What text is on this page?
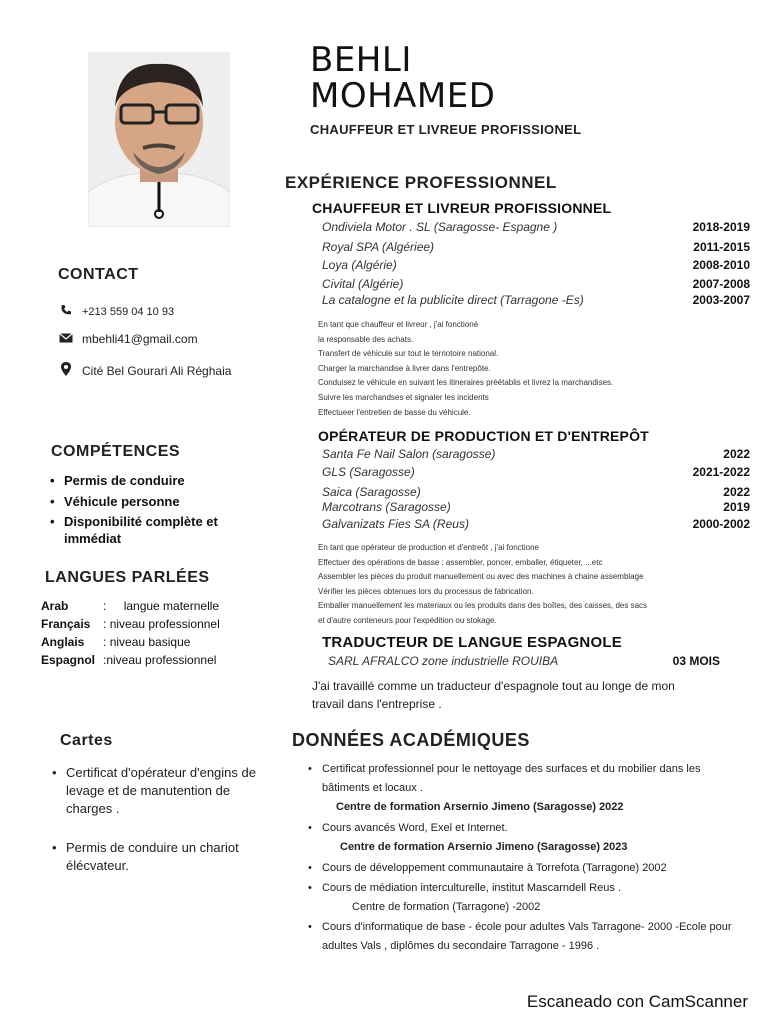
BEHLI
MOHAMED
CHAUFFEUR ET LIVREUE PROFISSIONEL
CONTACT
+213 559 04 10 93
mbehli41@gmail.com
Cité Bel Gourari Ali Réghaia
COMPÉTENCES
• Permis de conduire
• Véhicule personne
• Disponibilité complète et immédiat
LANGUES PARLÉES
Arab	: langue maternelle
Français : niveau professionnel
Anglais : niveau basique
Espagnol :niveau professionnel
Cartes
• Certificat d'opérateur d'engins de levage et de manutention de charges .
• Permis de conduire un chariot élécvateur.
EXPÉRIENCE PROFESSIONNEL
CHAUFFEUR ET LIVREUR PROFISSIONNEL
Ondiviela Motor . SL (Saragosse- Espagne )	2018-2019
Royal SPA (Algériee)	2011-2015
Loya (Algérie)	2008-2010
Civital (Algérie)	2007-2008
La catalogne et la publicite direct (Tarragone -Es)	2003-2007
En tant que chauffeur et livreur , j'ai fonctioné
la responsable des achats.
Transfert de véhicule sur tout le terriotoire national.
Charger la marchandise à livrer dans l'entrepôte.
Conduisez le véhicule en suivant les itineraires préétablis et livrez la marchandises.
Suivre les marchandses et signaler les incidents
Effectueer l'entretien de basse du véhicule.
OPÉRATEUR DE PRODUCTION ET D'ENTREPÔT
Santa Fe Nail Salon (saragosse)	2022
GLS (Saragosse)	2021-2022
Saica (Saragosse)	2022
Marcotrans (Saragosse)	2019
Galvanizats Fies SA (Reus)	2000-2002
En tant que opérateur de production et d'entreôt , j'ai fonctione
Effectuer des opérations de basse : assembler, poncer, emballer, étiqueter, ...etc
Assembler les pièces du produit manuellement ou avec des machines à chaine assemblage
Vérifier les pièces obtenues lors du processus de fabrication.
Emballer manuellement les materiaux ou les produits dans des boîtes, des caisses, des sacs
et d'autre conteneurs pour l'expédition ou stokage.
TRADUCTEUR DE LANGUE ESPAGNOLE
SARL AFRALCO zone industrielle ROUIBA	03 MOIS
J'ai travaillé comme un traducteur d'espagnole tout au longe de mon
travail dans l'entreprise .
DONNÉES ACADÉMIQUES
• Certificat professionnel pour le nettoyage des surfaces et du mobilier dans les bâtiments et locaux .
Centre de formation Arsernio Jimeno (Saragosse) 2022
• Cours avancés Word, Exel et Internet.
Centre de formation Arsernio Jimeno (Saragosse) 2023
• Cours de développement communautaire à Torrefota (Tarragone) 2002
• Cours de médiation interculturelle, institut Mascarndell Reus .
Centre de formation (Tarragone) -2002
• Cours d'informatique de base - école pour adultes Vals Tarragone- 2000 -Ecole pour adultes Vals , diplômes du secondaire Tarragone - 1996 .
Escaneado con CamScanner
